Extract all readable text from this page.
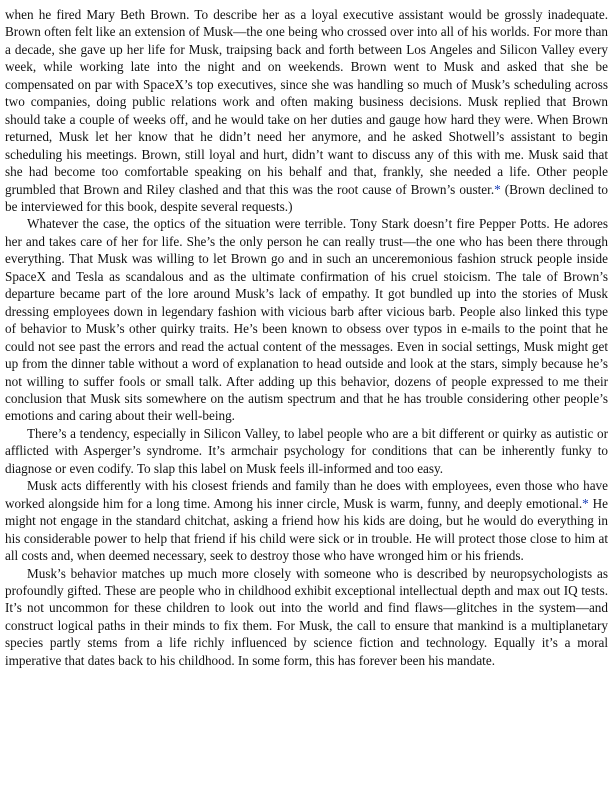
when he fired Mary Beth Brown. To describe her as a loyal executive assistant would be grossly inadequate. Brown often felt like an extension of Musk—the one being who crossed over into all of his worlds. For more than a decade, she gave up her life for Musk, traipsing back and forth between Los Angeles and Silicon Valley every week, while working late into the night and on weekends. Brown went to Musk and asked that she be compensated on par with SpaceX’s top executives, since she was handling so much of Musk’s scheduling across two companies, doing public relations work and often making business decisions. Musk replied that Brown should take a couple of weeks off, and he would take on her duties and gauge how hard they were. When Brown returned, Musk let her know that he didn’t need her anymore, and he asked Shotwell’s assistant to begin scheduling his meetings. Brown, still loyal and hurt, didn’t want to discuss any of this with me. Musk said that she had become too comfortable speaking on his behalf and that, frankly, she needed a life. Other people grumbled that Brown and Riley clashed and that this was the root cause of Brown’s ouster.* (Brown declined to be interviewed for this book, despite several requests.)

Whatever the case, the optics of the situation were terrible. Tony Stark doesn’t fire Pepper Potts. He adores her and takes care of her for life. She’s the only person he can really trust—the one who has been there through everything. That Musk was willing to let Brown go and in such an unceremonious fashion struck people inside SpaceX and Tesla as scandalous and as the ultimate confirmation of his cruel stoicism. The tale of Brown’s departure became part of the lore around Musk’s lack of empathy. It got bundled up into the stories of Musk dressing employees down in legendary fashion with vicious barb after vicious barb. People also linked this type of behavior to Musk’s other quirky traits. He’s been known to obsess over typos in e-mails to the point that he could not see past the errors and read the actual content of the messages. Even in social settings, Musk might get up from the dinner table without a word of explanation to head outside and look at the stars, simply because he’s not willing to suffer fools or small talk. After adding up this behavior, dozens of people expressed to me their conclusion that Musk sits somewhere on the autism spectrum and that he has trouble considering other people’s emotions and caring about their well-being.

There’s a tendency, especially in Silicon Valley, to label people who are a bit different or quirky as autistic or afflicted with Asperger’s syndrome. It’s armchair psychology for conditions that can be inherently funky to diagnose or even codify. To slap this label on Musk feels ill-informed and too easy.

Musk acts differently with his closest friends and family than he does with employees, even those who have worked alongside him for a long time. Among his inner circle, Musk is warm, funny, and deeply emotional.* He might not engage in the standard chitchat, asking a friend how his kids are doing, but he would do everything in his considerable power to help that friend if his child were sick or in trouble. He will protect those close to him at all costs and, when deemed necessary, seek to destroy those who have wronged him or his friends.

Musk’s behavior matches up much more closely with someone who is described by neuropsychologists as profoundly gifted. These are people who in childhood exhibit exceptional intellectual depth and max out IQ tests. It’s not uncommon for these children to look out into the world and find flaws—glitches in the system—and construct logical paths in their minds to fix them. For Musk, the call to ensure that mankind is a multiplanetary species partly stems from a life richly influenced by science fiction and technology. Equally it’s a moral imperative that dates back to his childhood. In some form, this has forever been his mandate.
